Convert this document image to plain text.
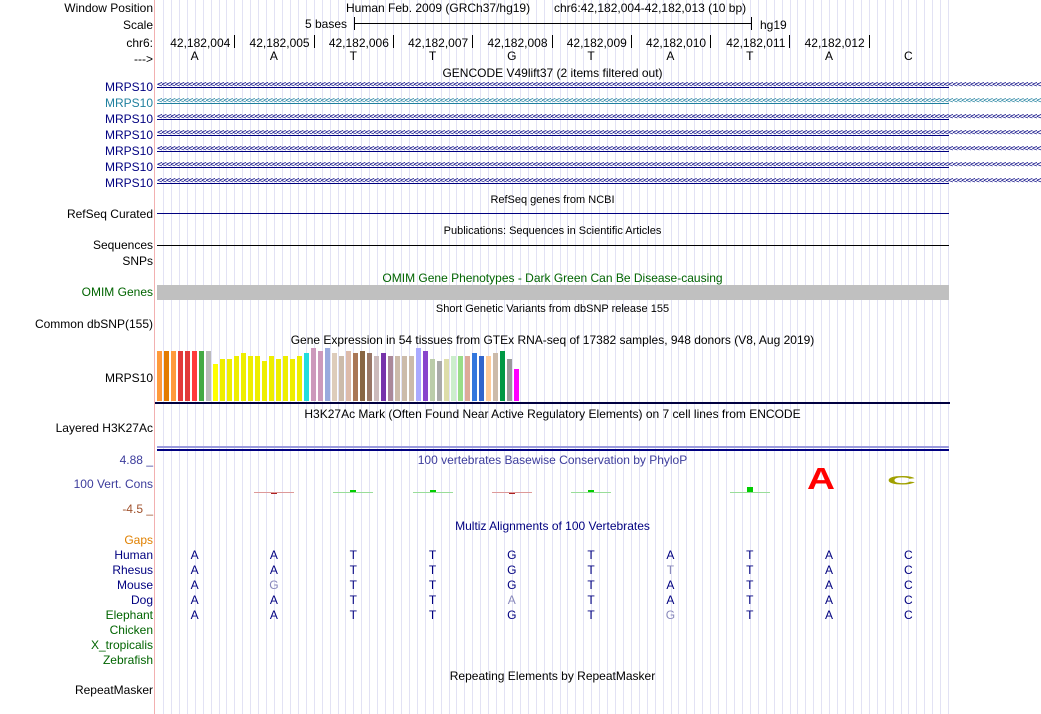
Window Position	Human Feb. 2009 (GRCh37/hg19) chr6:42,182,004-42,182,013 (10 bp)
Scale	5 bases	hg19
chr6:	42,182,004	42,182,005	42,182,006	42,182,007	42,182,008	42,182,009	42,182,010	42,182,011	42,182,012
--->	A	A	T	T	G	T	A	T	A	C
GENCODE V49lift37 (2 items filtered out)
MRPS10 <<<<<<<<<<<<<<<<<<<<<<<<<<<<<<<<<<<<<<<<<<<<<<<<<<<<<<<<<<<<<<<<<<<<<<<<<<<<<<<<<<<<<<<<<<<<<<<<<<<<<<<<<<<<<<<<<<<<<<<<<<<<<<<<<<<<<<<<<<<<<<<<<<<<<<<<<<<<<<<<<<<<<<<<<<<<<<<<<<<<<<<<<<<<<<<<<<<<<<<<
MRPS10 <<<<<<<<<<<<<<<<<<<<<<<<<<<<<<<<<<<<<<<<<<<<<<<<<<<<<<<<<<<<<<<<<<<<<<<<<<<<<<<<<<<<<<<<<<<<<<<<<<<<<<<<<<<<<<<<<<<<<<<<<<<<<<<<<<<<<<<<<<<<<<<<<<<<<<<<<<<<<<<<<<<<<<<<<<<<<<<<<<<<<<<<<<<<<<<<<<<<<<<<
MRPS10 <<<<<<<<<<<<<<<<<<<<<<<<<<<<<<<<<<<<<<<<<<<<<<<<<<<<<<<<<<<<<<<<<<<<<<<<<<<<<<<<<<<<<<<<<<<<<<<<<<<<<<<<<<<<<<<<<<<<<<<<<<<<<<<<<<<<<<<<<<<<<<<<<<<<<<<<<<<<<<<<<<<<<<<<<<<<<<<<<<<<<<<<<<<<<<<<<<<<<<<<
MRPS10 <<<<<<<<<<<<<<<<<<<<<<<<<<<<<<<<<<<<<<<<<<<<<<<<<<<<<<<<<<<<<<<<<<<<<<<<<<<<<<<<<<<<<<<<<<<<<<<<<<<<<<<<<<<<<<<<<<<<<<<<<<<<<<<<<<<<<<<<<<<<<<<<<<<<<<<<<<<<<<<<<<<<<<<<<<<<<<<<<<<<<<<<<<<<<<<<<<<<<<<<
MRPS10 <<<<<<<<<<<<<<<<<<<<<<<<<<<<<<<<<<<<<<<<<<<<<<<<<<<<<<<<<<<<<<<<<<<<<<<<<<<<<<<<<<<<<<<<<<<<<<<<<<<<<<<<<<<<<<<<<<<<<<<<<<<<<<<<<<<<<<<<<<<<<<<<<<<<<<<<<<<<<<<<<<<<<<<<<<<<<<<<<<<<<<<<<<<<<<<<<<<<<<<<
MRPS10 <<<<<<<<<<<<<<<<<<<<<<<<<<<<<<<<<<<<<<<<<<<<<<<<<<<<<<<<<<<<<<<<<<<<<<<<<<<<<<<<<<<<<<<<<<<<<<<<<<<<<<<<<<<<<<<<<<<<<<<<<<<<<<<<<<<<<<<<<<<<<<<<<<<<<<<<<<<<<<<<<<<<<<<<<<<<<<<<<<<<<<<<<<<<<<<<<<<<<<<<
MRPS10 <<<<<<<<<<<<<<<<<<<<<<<<<<<<<<<<<<<<<<<<<<<<<<<<<<<<<<<<<<<<<<<<<<<<<<<<<<<<<<<<<<<<<<<<<<<<<<<<<<<<<<<<<<<<<<<<<<<<<<<<<<<<<<<<<<<<<<<<<<<<<<<<<<<<<<<<<<<<<<<<<<<<<<<<<<<<<<<<<<<<<<<<<<<<<<<<<<<<<<<<
RefSeq genes from NCBI
RefSeq Curated
Publications: Sequences in Scientific Articles
Sequences
SNPs
OMIM Gene Phenotypes - Dark Green Can Be Disease-causing
OMIM Genes
Short Genetic Variants from dbSNP release 155
Common dbSNP(155)
Gene Expression in 54 tissues from GTEx RNA-seq of 17382 samples, 948 donors (V8, Aug 2019)
MRPS10
H3K27Ac Mark (Often Found Near Active Regulatory Elements) on 7 cell lines from ENCODE
Layered H3K27Ac
100 vertebrates Basewise Conservation by PhyloP
4.88 _
100 Vert. Cons
-4.5 _
A	C
Multiz Alignments of 100 Vertebrates
Gaps
Human	A	A	T	T	G	T	A	T	A	C
Rhesus	A	A	T	T	G	T	T	T	A	C
Mouse	A	G	T	T	G	T	A	T	A	C
Dog	A	A	T	T	A	T	A	T	A	C
Elephant	A	A	T	T	G	T	G	T	A	C
Chicken
X_tropicalis
Zebrafish
Repeating Elements by RepeatMasker
RepeatMasker
